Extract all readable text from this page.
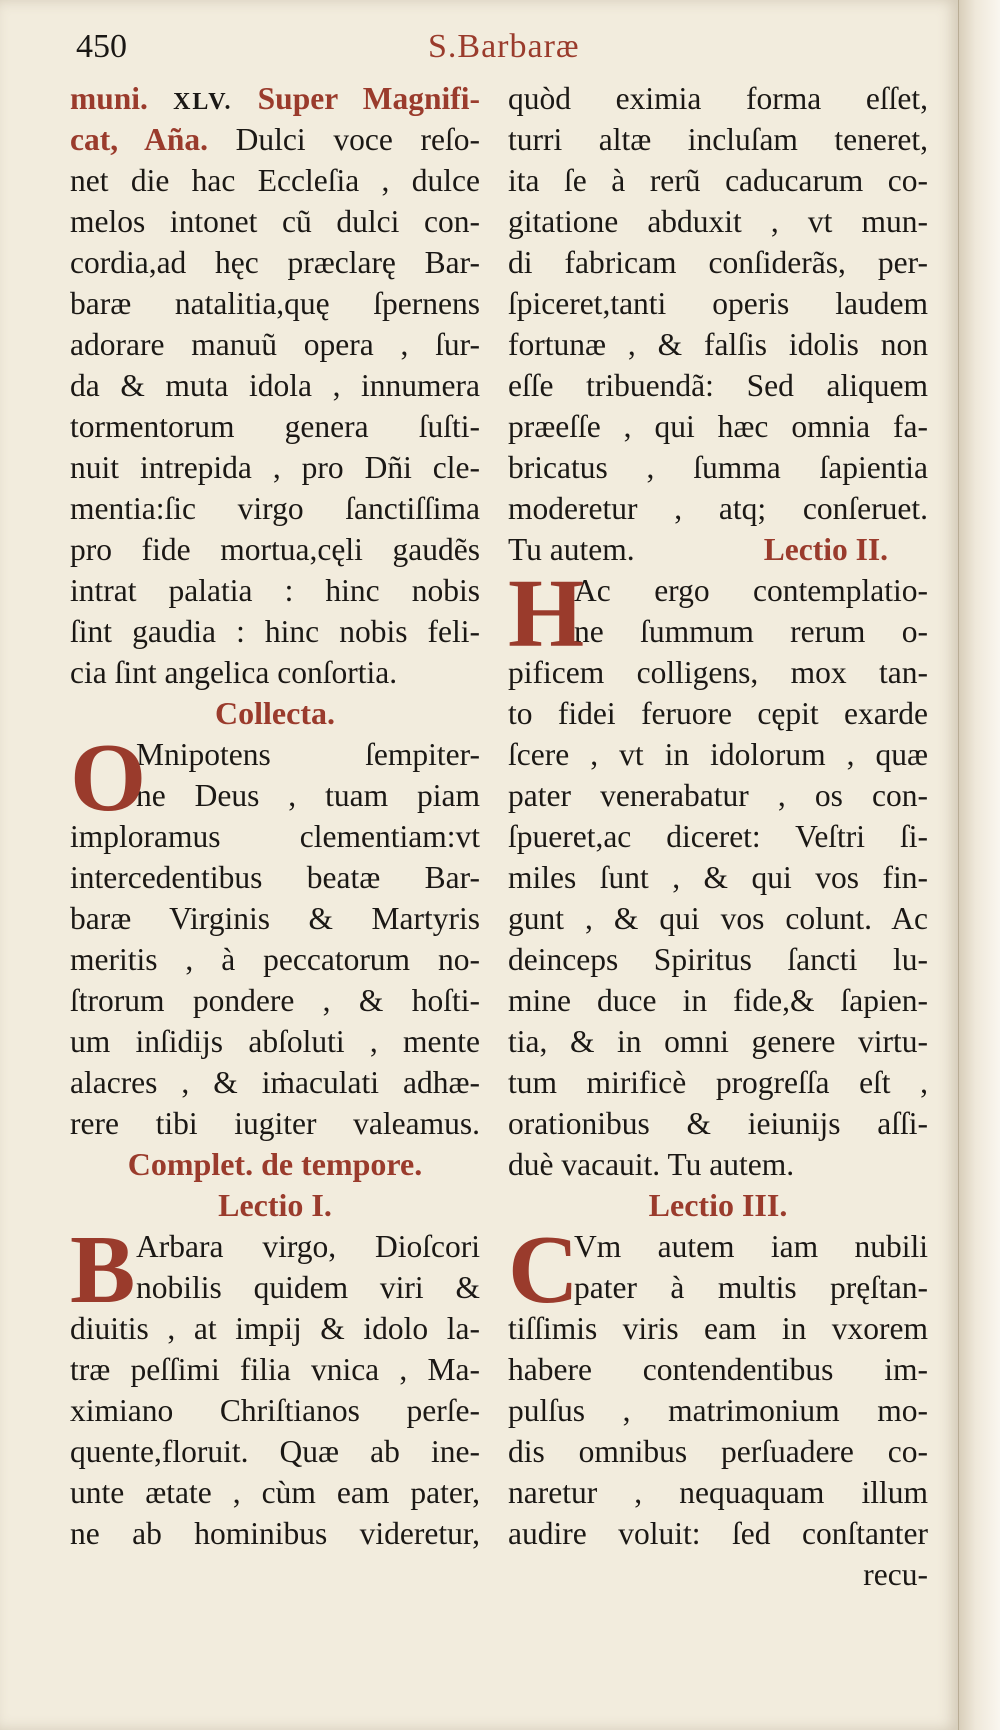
450	S.Barbaræ
muni. XLV. Super Magnifi-
cat, Aña. Dulci voce reſo-
net die hac Eccleſia , dulce
melos intonet cũ dulci con-
cordia,ad hęc præclarę Bar-
baræ natalitia,quę ſpernens
adorare manuũ opera , ſur-
da & muta idola , innumera
tormentorum genera ſuſti-
nuit intrepida , pro Dñi cle-
mentia:ſic virgo ſanctiſſima
pro fide mortua,cęli gaudẽs
intrat palatia : hinc nobis
ſint gaudia : hinc nobis feli-
cia ſint angelica conſortia.
Collecta.
O
Mnipotens ſempiter-
ne Deus , tuam piam
imploramus clementiam:vt
intercedentibus beatæ Bar-
baræ Virginis & Martyris
meritis , à peccatorum no-
ſtrorum pondere , & hoſti-
um inſidijs abſoluti , mente
alacres , & iṁaculati adhæ-
rere tibi iugiter valeamus.
Complet. de tempore.
Lectio I.
B Arbara virgo, Dioſcori
nobilis quidem viri &
diuitis , at impij & idolo la-
træ peſſimi filia vnica , Ma-
ximiano Chriſtianos perſe-
quente,floruit. Quæ ab ine-
unte ætate , cùm eam pater,
ne ab hominibus videretur,
quòd eximia forma eſſet,
turri altæ incluſam teneret,
ita ſe à rerũ caducarum co-
gitatione abduxit , vt mun-
di fabricam conſiderãs, per-
ſpiceret,tanti operis laudem
fortunæ , & falſis idolis non
eſſe tribuendã: Sed aliquem
præeſſe , qui hæc omnia fa-
bricatus , ſumma ſapientia
moderetur , atq; conſeruet.
Tu autem.	Lectio II.
H
Ac ergo contemplatio-
ne ſummum rerum o-
pificem colligens, mox tan-
to fidei feruore cępit exarde
ſcere , vt in idolorum , quæ
pater venerabatur , os con-
ſpueret,ac diceret: Veſtri ſi-
miles ſunt , & qui vos fin-
gunt , & qui vos colunt. Ac
deinceps Spiritus ſancti lu-
mine duce in fide,& ſapien-
tia, & in omni genere virtu-
tum mirificè progreſſa eſt ,
orationibus & ieiunijs aſſi-
duè vacauit. Tu autem.
Lectio III.
C
Vm autem iam nubili
pater à multis pręſtan-
tiſſimis viris eam in vxorem
habere contendentibus im-
pulſus , matrimonium mo-
dis omnibus perſuadere co-
naretur , nequaquam illum
audire voluit: ſed conſtanter
recu-
